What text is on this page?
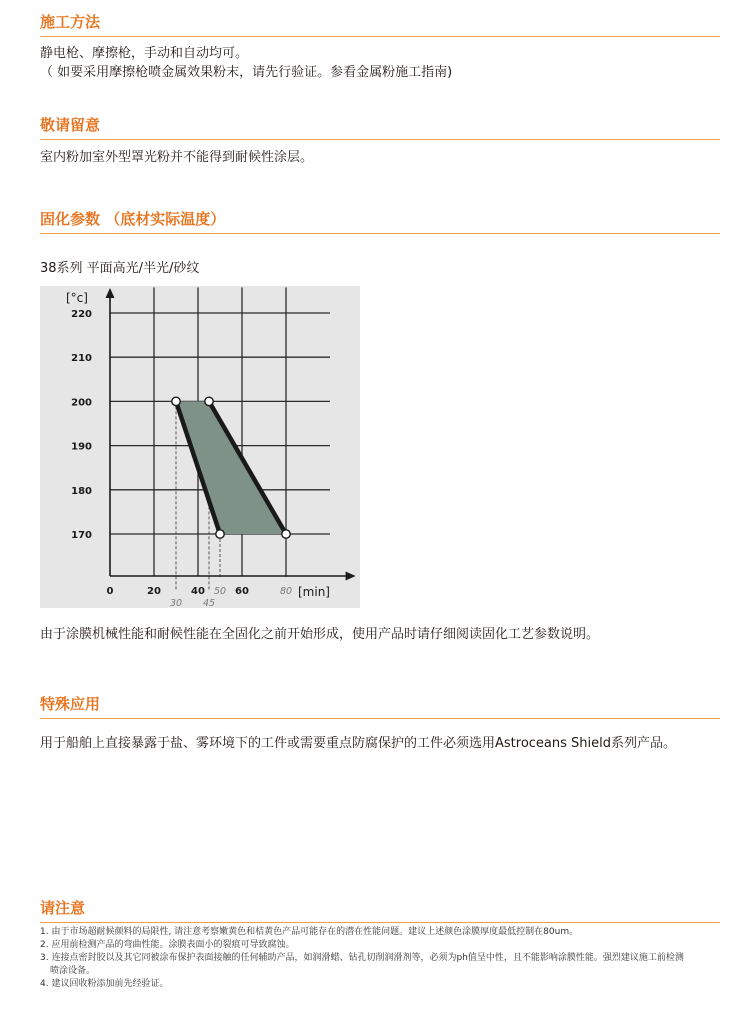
施工方法
静电枪、摩擦枪，手动和自动均可。
（ 如要采用摩擦枪喷金属效果粉末，请先行验证。参看金属粉施工指南)
敬请留意
室内粉加室外型罩光粉并不能得到耐候性涂层。
固化参数 （底材实际温度）
38系列 平面高光/半光/砂纹
170
180
190
200
210
220
0	20	40	60
30 45
50	80
[°c]
[min]
由于涂膜机械性能和耐候性能在全固化之前开始形成，使用产品时请仔细阅读固化工艺参数说明。
特殊应用
用于船舶上直接暴露于盐、雾环境下的工件或需要重点防腐保护的工件必须选用Astroceans Shield系列产品。
请注意
1. 由于市场超耐候颜料的局限性, 请注意考察嫩黄色和桔黄色产品可能存在的潜在性能问题。建议上述颜色涂膜厚度最低控制在80um。
2. 应用前检测产品的弯曲性能。涂膜表面小的裂痕可导致腐蚀。
3. 连接点密封胶以及其它同被涂布保护表面接触的任何辅助产品，如润滑蜡、钻孔切削润滑剂等，必须为ph值呈中性，且不能影响涂膜性能。强烈建议施工前检测
喷涂设备。
4. 建议回收粉添加前先经验证。
